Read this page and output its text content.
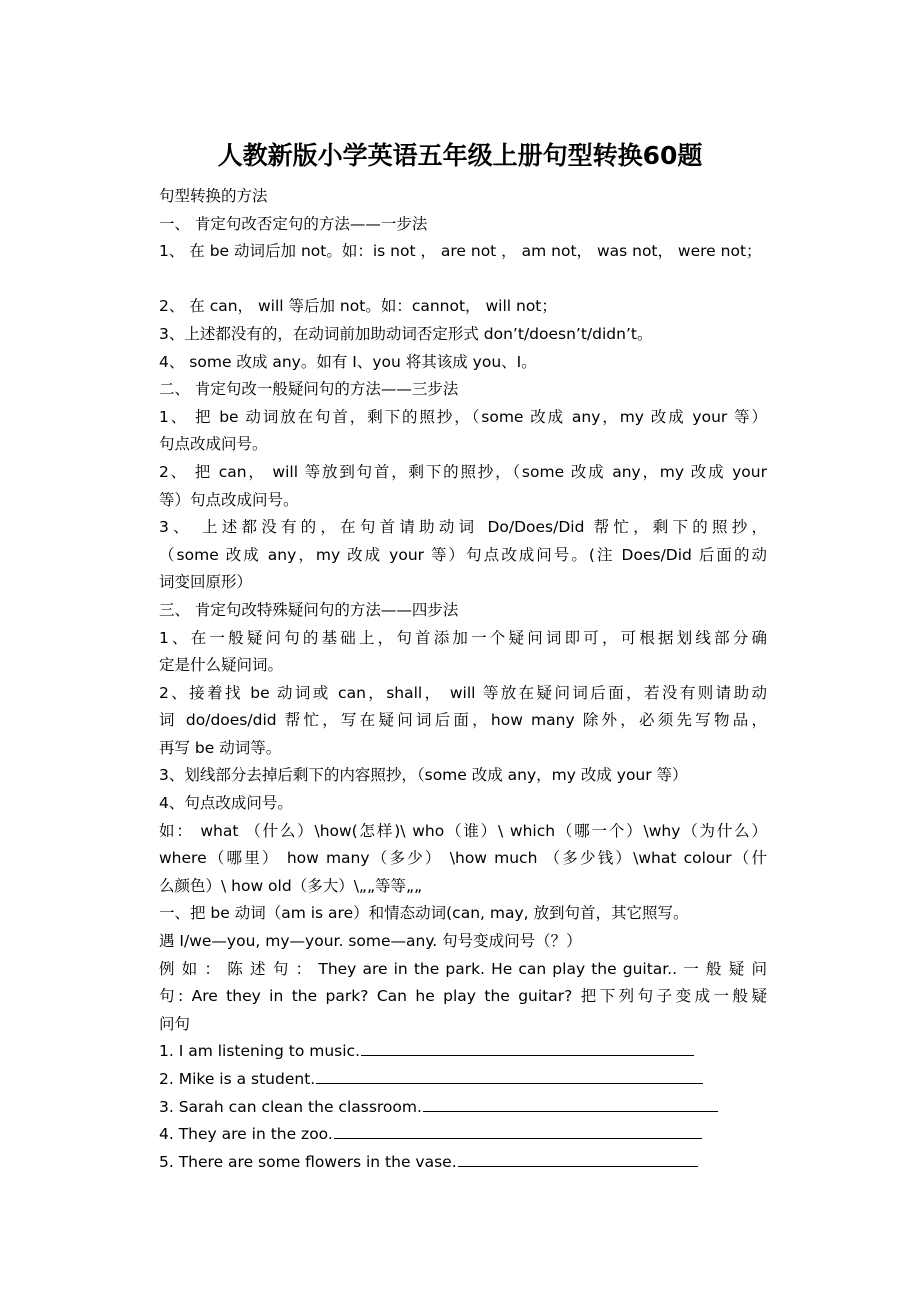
人教新版小学英语五年级上册句型转换60题
句型转换的方法
一、 肯定句改否定句的方法——一步法
1、 在 be 动词后加 not。如：is not ， are not ， am not， was not， were not；
2、 在 can， will 等后加 not。如：cannot， will not；
3、上述都没有的，在动词前加助动词否定形式 don’t/doesn’t/didn’t。
4、 some 改成 any。如有 I、you 将其该成 you、I。
二、 肯定句改一般疑问句的方法——三步法
1、 把 be 动词放在句首，剩下的照抄，（some 改成 any，my 改成 your 等）
句点改成问号。
2、 把 can， will 等放到句首，剩下的照抄，（some 改成 any，my 改成 your
等）句点改成问号。
3、 上述都没有的，在句首请助动词 Do/Does/Did 帮忙，剩下的照抄，
（some 改成 any，my 改成 your 等）句点改成问号。(注 Does/Did 后面的动
词变回原形）
三、 肯定句改特殊疑问句的方法——四步法
1、在一般疑问句的基础上，句首添加一个疑问词即可，可根据划线部分确
定是什么疑问词。
2、接着找 be 动词或 can，shall， will 等放在疑问词后面，若没有则请助动
词 do/does/did 帮忙，写在疑问词后面，how many 除外，必须先写物品，
再写 be 动词等。
3、划线部分去掉后剩下的内容照抄，（some 改成 any，my 改成 your 等）
4、句点改成问号。
如： what （什么）\how(怎样)\ who（谁）\ which（哪一个）\why（为什么）
where（哪里） how many（多少） \how much （多少钱）\what colour（什
么颜色）\ how old（多大）\„„等等„„
一、把 be 动词（am is are）和情态动词(can, may, 放到句首，其它照写。
遇 I/we—you, my—your. some—any. 句号变成问号（？）
例 如 ： 陈 述 句 ： They are in the park. He can play the guitar.. 一 般 疑 问
句: Are they in the park? Can he play the guitar? 把下列句子变成一般疑
问句
1. I am listening to music.
2. Mike is a student.
3. Sarah can clean the classroom.
4. They are in the zoo.
5. There are some flowers in the vase.
